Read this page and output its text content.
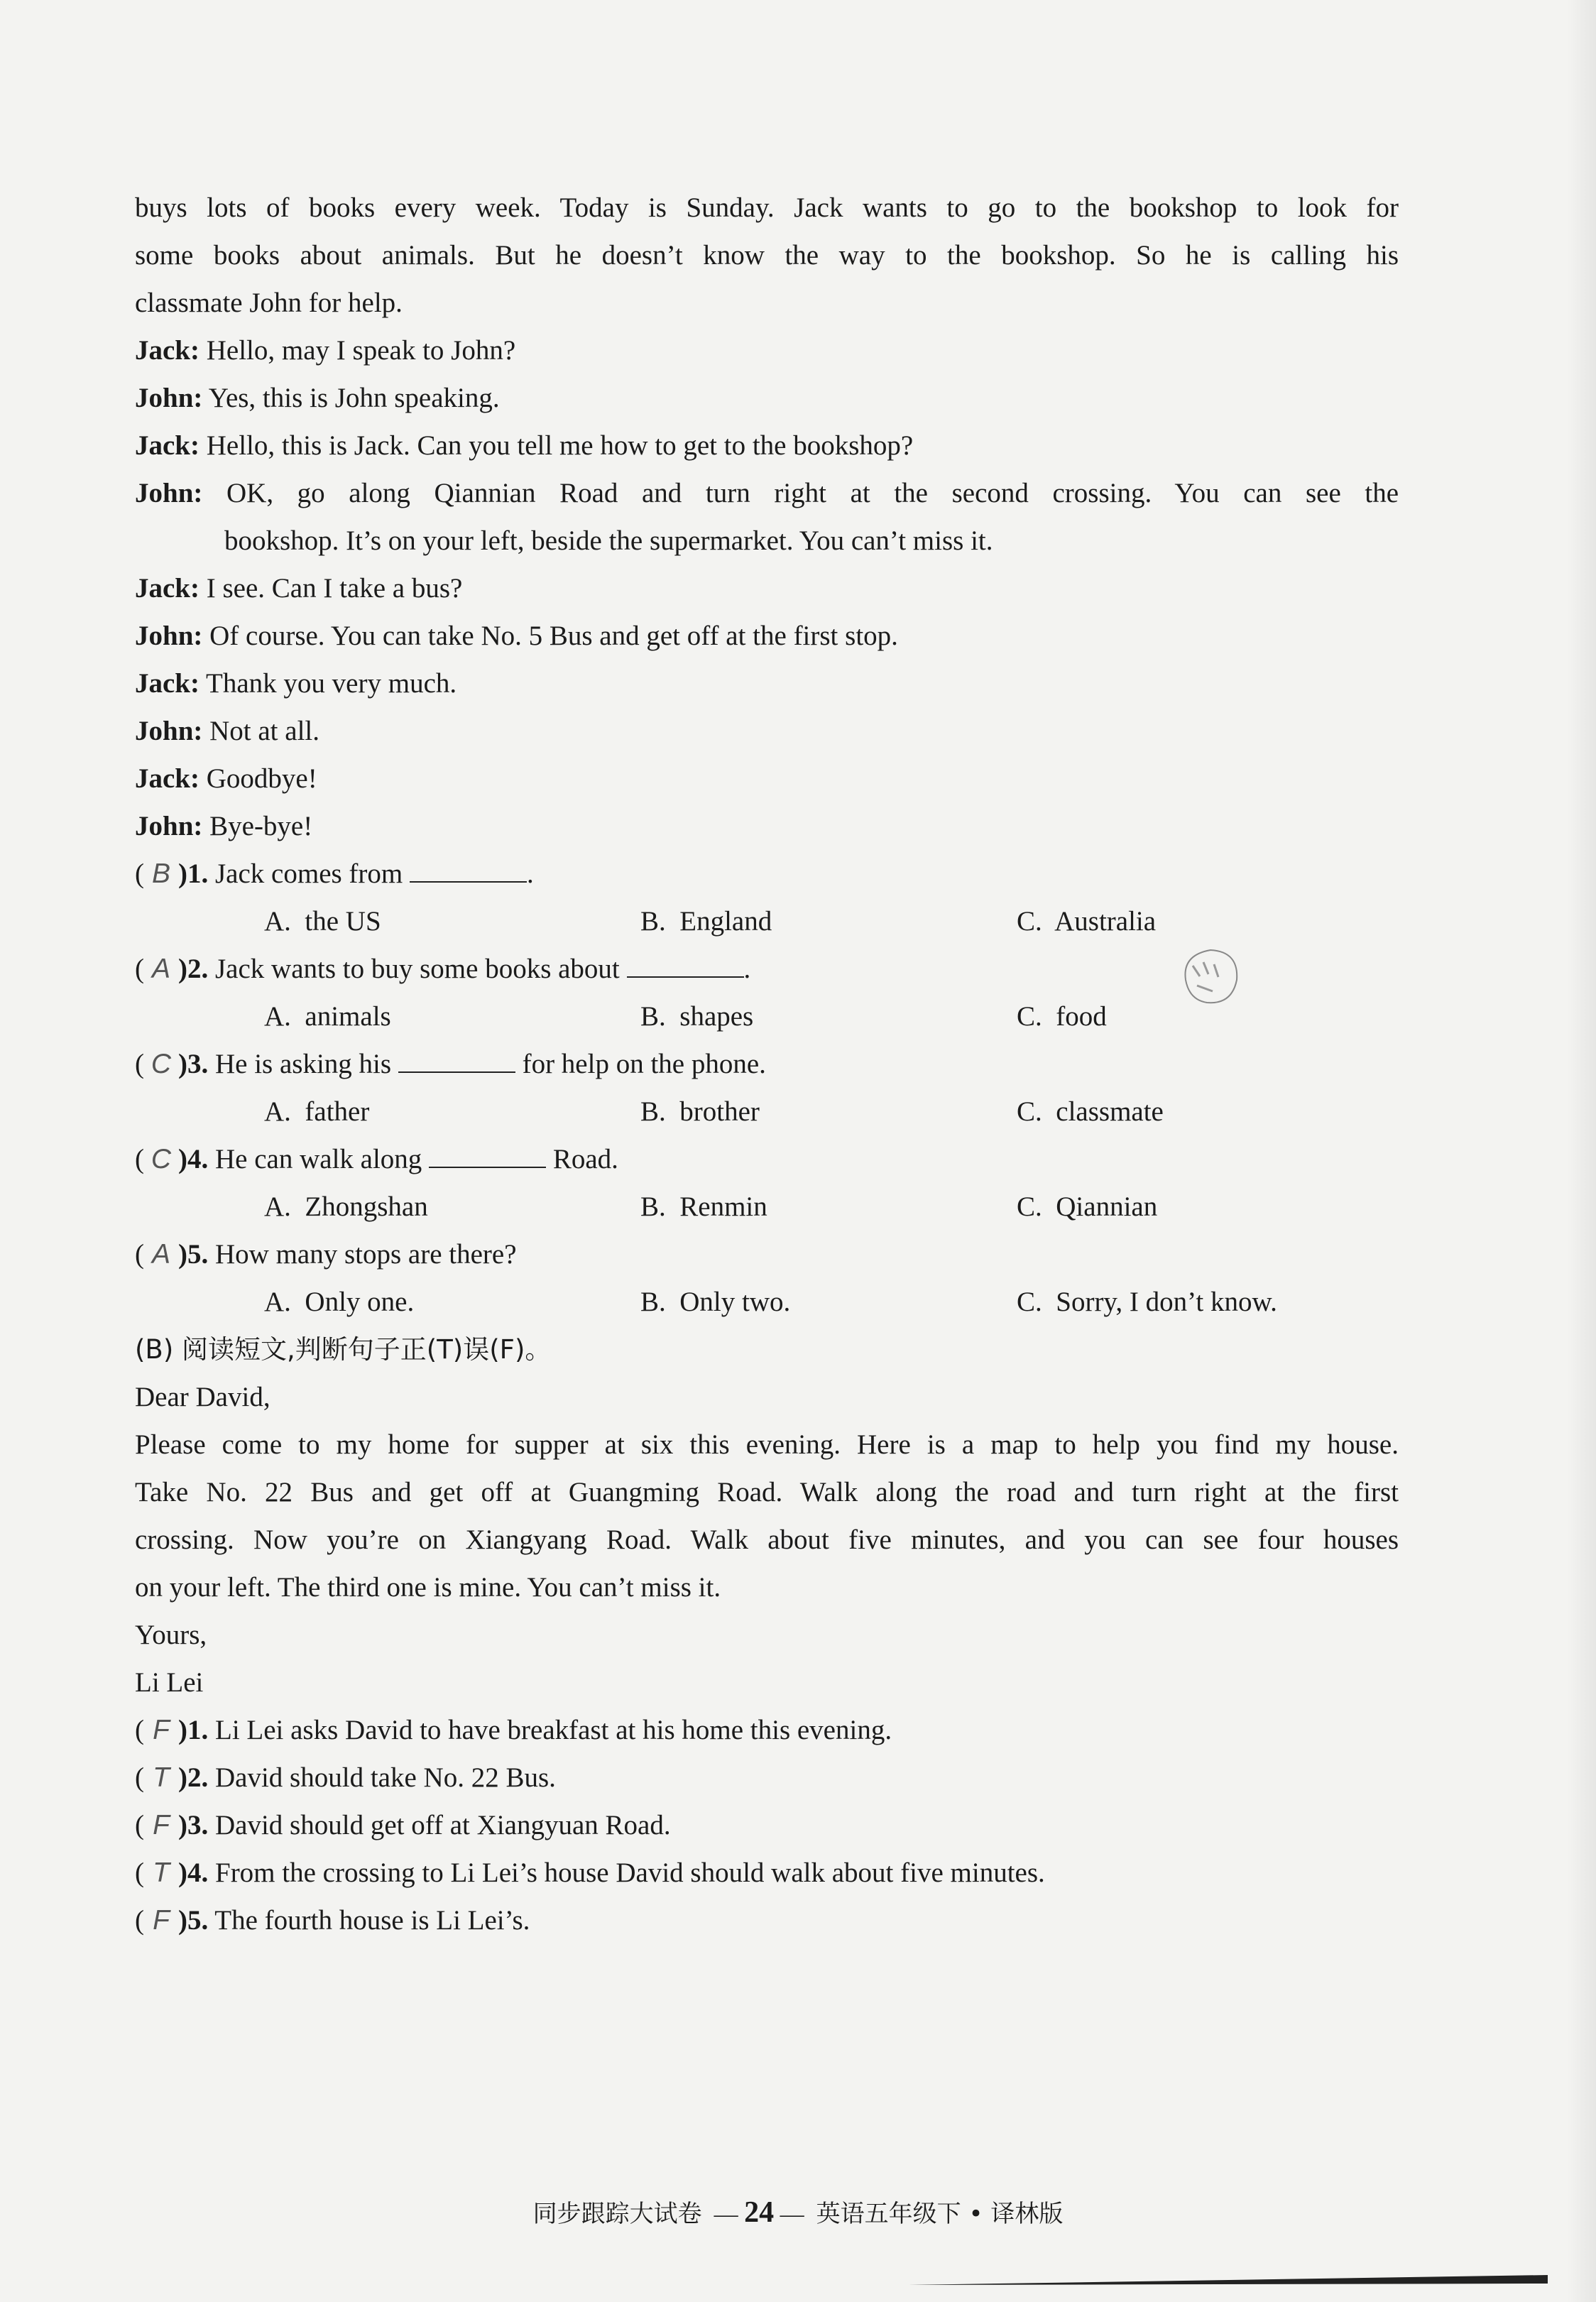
buys lots of books every week. Today is Sunday. Jack wants to go to the bookshop to look for
some books about animals. But he doesn’t know the way to the bookshop. So he is calling his
classmate John for help.
Jack: Hello, may I speak to John?
John: Yes, this is John speaking.
Jack: Hello, this is Jack. Can you tell me how to get to the bookshop?
John: OK, go along Qiannian Road and turn right at the second crossing. You can see the
bookshop. It’s on your left, beside the supermarket. You can’t miss it.
Jack: I see. Can I take a bus?
John: Of course. You can take No. 5 Bus and get off at the first stop.
Jack: Thank you very much.
John: Not at all.
Jack: Goodbye!
John: Bye-bye!
( B )1. Jack comes from	.
A.  the US	B.  England	C.  Australia
( A )2. Jack wants to buy some books about	.
A.  animals	B.  shapes	C.  food
( C )3. He is asking his	for help on the phone.
A.  father	B.  brother	C.  classmate
( C )4. He can walk along	Road.
A.  Zhongshan	B.  Renmin	C.  Qiannian
( A )5. How many stops are there?
A.  Only one.	B.  Only two.	C.  Sorry, I don’t know.
(B) 阅读短文,判断句子正(T)误(F)。
Dear David,
Please come to my home for supper at six this evening. Here is a map to help you find my house.
Take No. 22 Bus and get off at Guangming Road. Walk along the road and turn right at the first
crossing. Now you’re on Xiangyang Road. Walk about five minutes, and you can see four houses
on your left. The third one is mine. You can’t miss it.
Yours,
Li Lei
( F )1. Li Lei asks David to have breakfast at his home this evening.
( T )2. David should take No. 22 Bus.
( F )3. David should get off at Xiangyuan Road.
( T )4. From the crossing to Li Lei’s house David should walk about five minutes.
( F )5. The fourth house is Li Lei’s.
同步跟踪大试卷 — 24 — 英语五年级下 • 译林版
